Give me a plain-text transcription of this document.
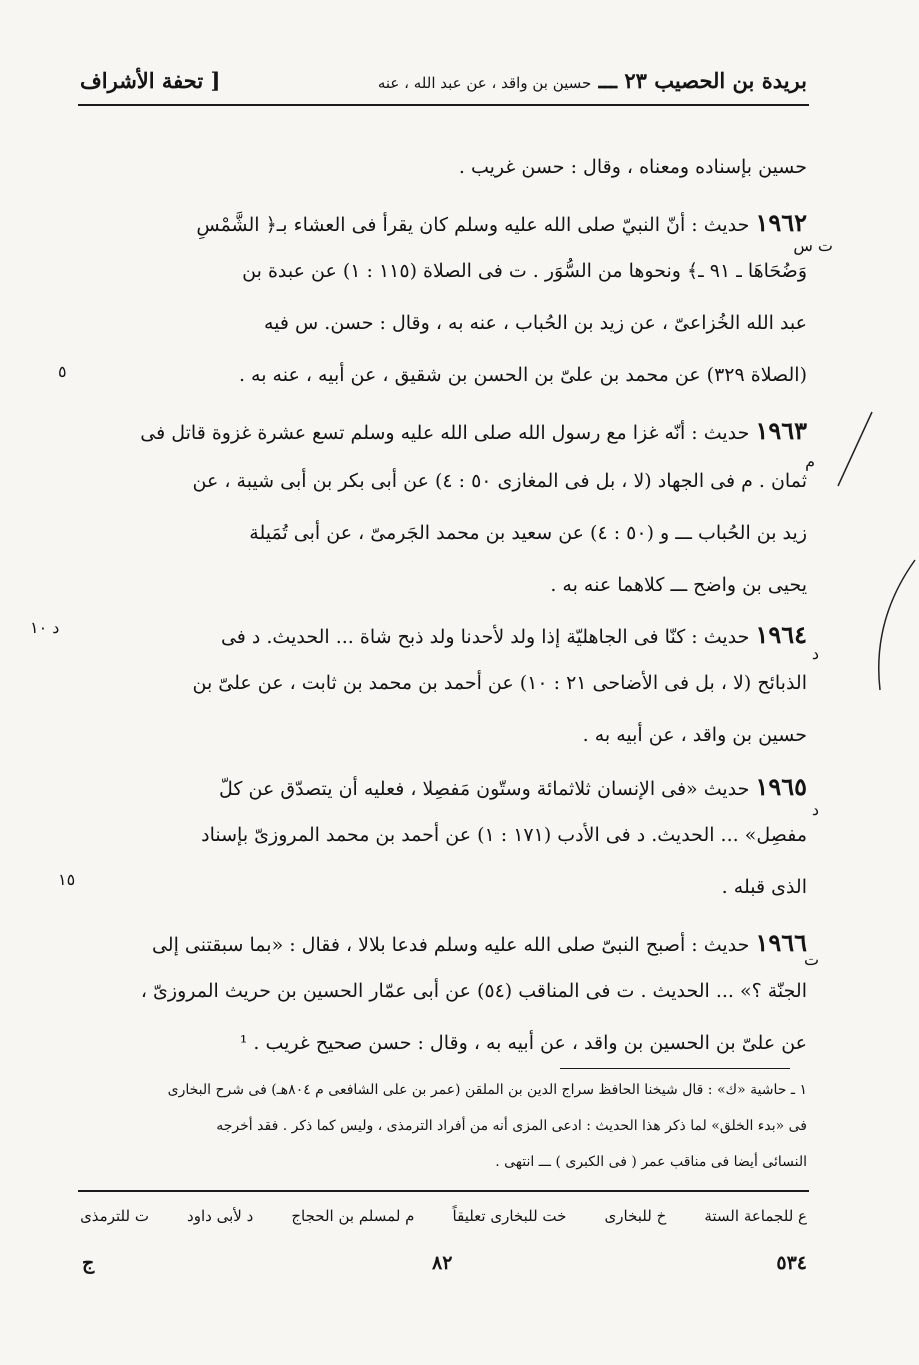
بريدة بن الحصيب ٢٣ ـــ حسين بن واقد ، عن عبد الله ، عنه
[ تحفة الأشراف
حسين بإسناده ومعناه ، وقال : حسن غريب .
١٩٦٢ حديث : أنّ النبيّ صلى الله عليه وسلم كان يقرأ فى العشاء بـ﴿ الشَّمْسِ
وَضُحَاهَا ـ ٩١ ـ﴾ ونحوها من السُّوَر . ت فى الصلاة (١١٥ : ١) عن عبدة بن
عبد الله الخُزاعىّ ، عن زيد بن الحُباب ، عنه به ، وقال : حسن. س فيه
(الصلاة ٣٢٩) عن محمد بن علىّ بن الحسن بن شقيق ، عن أبيه ، عنه به .
١٩٦٣ حديث : أنّه غزا مع رسول الله صلى الله عليه وسلم تسع عشرة غزوة قاتل فى
ثمان . م فى الجهاد (لا ، بل فى المغازى ٥٠ : ٤) عن أبى بكر بن أبى شيبة ، عن
زيد بن الحُباب ـــ و (٥٠ : ٤) عن سعيد بن محمد الجَرمىّ ، عن أبى تُمَيلة
يحيى بن واضح ـــ كلاهما عنه به .
١٩٦٤ حديث : كنّا فى الجاهليّة إذا ولد لأحدنا ولد ذبح شاة ... الحديث. د فى
الذبائح (لا ، بل فى الأضاحى ٢١ : ١٠) عن أحمد بن محمد بن ثابت ، عن علىّ بن
حسين بن واقد ، عن أبيه به .
١٩٦٥ حديث «فى الإنسان ثلاثمائة وستّون مَفصِلا ، فعليه أن يتصدّق عن كلّ
مفصِل» ... الحديث. د فى الأدب (١٧١ : ١) عن أحمد بن محمد المروزىّ بإسناد
الذى قبله .
١٩٦٦ حديث : أصبح النبىّ صلى الله عليه وسلم فدعا بلالا ، فقال : «بما سبقتنى إلى
الجنّة ؟» ... الحديث . ت فى المناقب (٥٤) عن أبى عمّار الحسين بن حريث المروزىّ ،
عن علىّ بن الحسين بن واقد ، عن أبيه به ، وقال : حسن صحيح غريب . ¹
ت س
٥
م
د ١٠
د
د
١٥
ت
١ ـ حاشية «ك» : قال شيخنا الحافظ سراج الدين بن الملقن (عمر بن على الشافعى م ٨٠٤هـ) فى شرح البخارى
فى «بدء الخلق» لما ذكر هذا الحديث : ادعى المزى أنه من أفراد الترمذى ، وليس كما ذكر . فقد أخرجه
النسائى أيضا فى مناقب عمر ( فى الكبرى ) ـــ انتهى .
ع للجماعة الستة
خ للبخارى
خت للبخارى تعليقاً
م لمسلم بن الحجاج
د لأبى داود
ت للترمذى
٥٣٤
٨٢
ج
